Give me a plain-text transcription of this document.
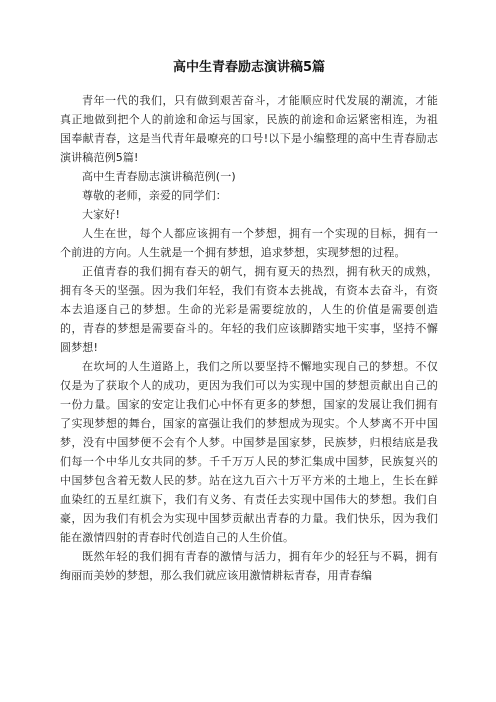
高中生青春励志演讲稿5篇

青年一代的我们，只有做到艰苦奋斗，才能顺应时代发展的潮流，才能真正地做到把个人的前途和命运与国家，民族的前途和命运紧密相连，为祖国奉献青春，这是当代青年最嘹亮的口号!以下是小编整理的高中生青春励志演讲稿范例5篇!

高中生青春励志演讲稿范例(一)

尊敬的老师，亲爱的同学们：

大家好!

人生在世，每个人都应该拥有一个梦想，拥有一个实现的目标，拥有一个前进的方向。人生就是一个拥有梦想，追求梦想，实现梦想的过程。

正值青春的我们拥有春天的朝气，拥有夏天的热烈，拥有秋天的成熟，拥有冬天的坚强。因为我们年轻，我们有资本去挑战，有资本去奋斗，有资本去追逐自己的梦想。生命的光彩是需要绽放的，人生的价值是需要创造的，青春的梦想是需要奋斗的。年轻的我们应该脚踏实地干实事，坚持不懈圆梦想!

在坎坷的人生道路上，我们之所以要坚持不懈地实现自己的梦想。不仅仅是为了获取个人的成功，更因为我们可以为实现中国的梦想贡献出自己的一份力量。国家的安定让我们心中怀有更多的梦想，国家的发展让我们拥有了实现梦想的舞台，国家的富强让我们的梦想成为现实。个人梦离不开中国梦，没有中国梦便不会有个人梦。中国梦是国家梦，民族梦，归根结底是我们每一个中华儿女共同的梦。千千万万人民的梦汇集成中国梦，民族复兴的中国梦包含着无数人民的梦。站在这九百六十万平方米的土地上，生长在鲜血染红的五星红旗下，我们有义务、有责任去实现中国伟大的梦想。我们自豪，因为我们有机会为实现中国梦贡献出青春的力量。我们快乐，因为我们能在激情四射的青春时代创造自己的人生价值。

既然年轻的我们拥有青春的激情与活力，拥有年少的轻狂与不羁，拥有绚丽而美妙的梦想，那么我们就应该用激情耕耘青春，用青春编
